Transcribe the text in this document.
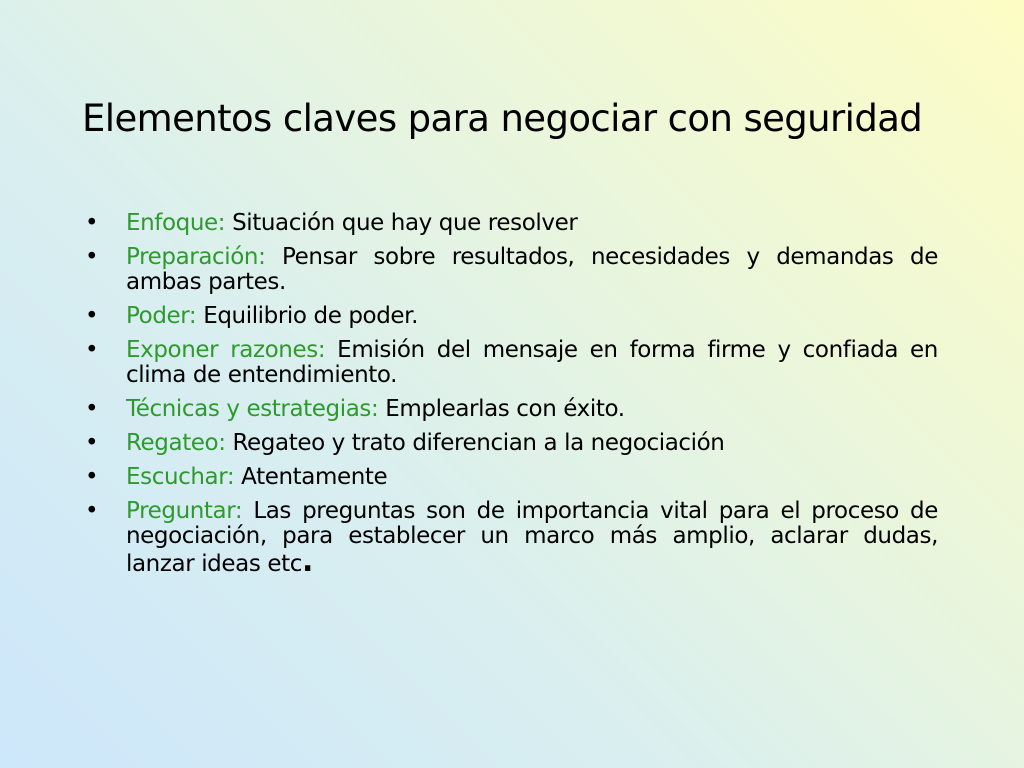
Elementos claves para negociar con seguridad
• Enfoque: Situación que hay que resolver
• Preparación: Pensar sobre resultados, necesidades y demandas de ambas partes.
• Poder: Equilibrio de poder.
• Exponer razones: Emisión del mensaje en forma firme y confiada en clima de entendimiento.
• Técnicas y estrategias: Emplearlas con éxito.
• Regateo: Regateo y trato diferencian a la negociación
• Escuchar: Atentamente
• Preguntar: Las preguntas son de importancia vital para el proceso de negociación, para establecer un marco más amplio, aclarar dudas, lanzar ideas etc.
